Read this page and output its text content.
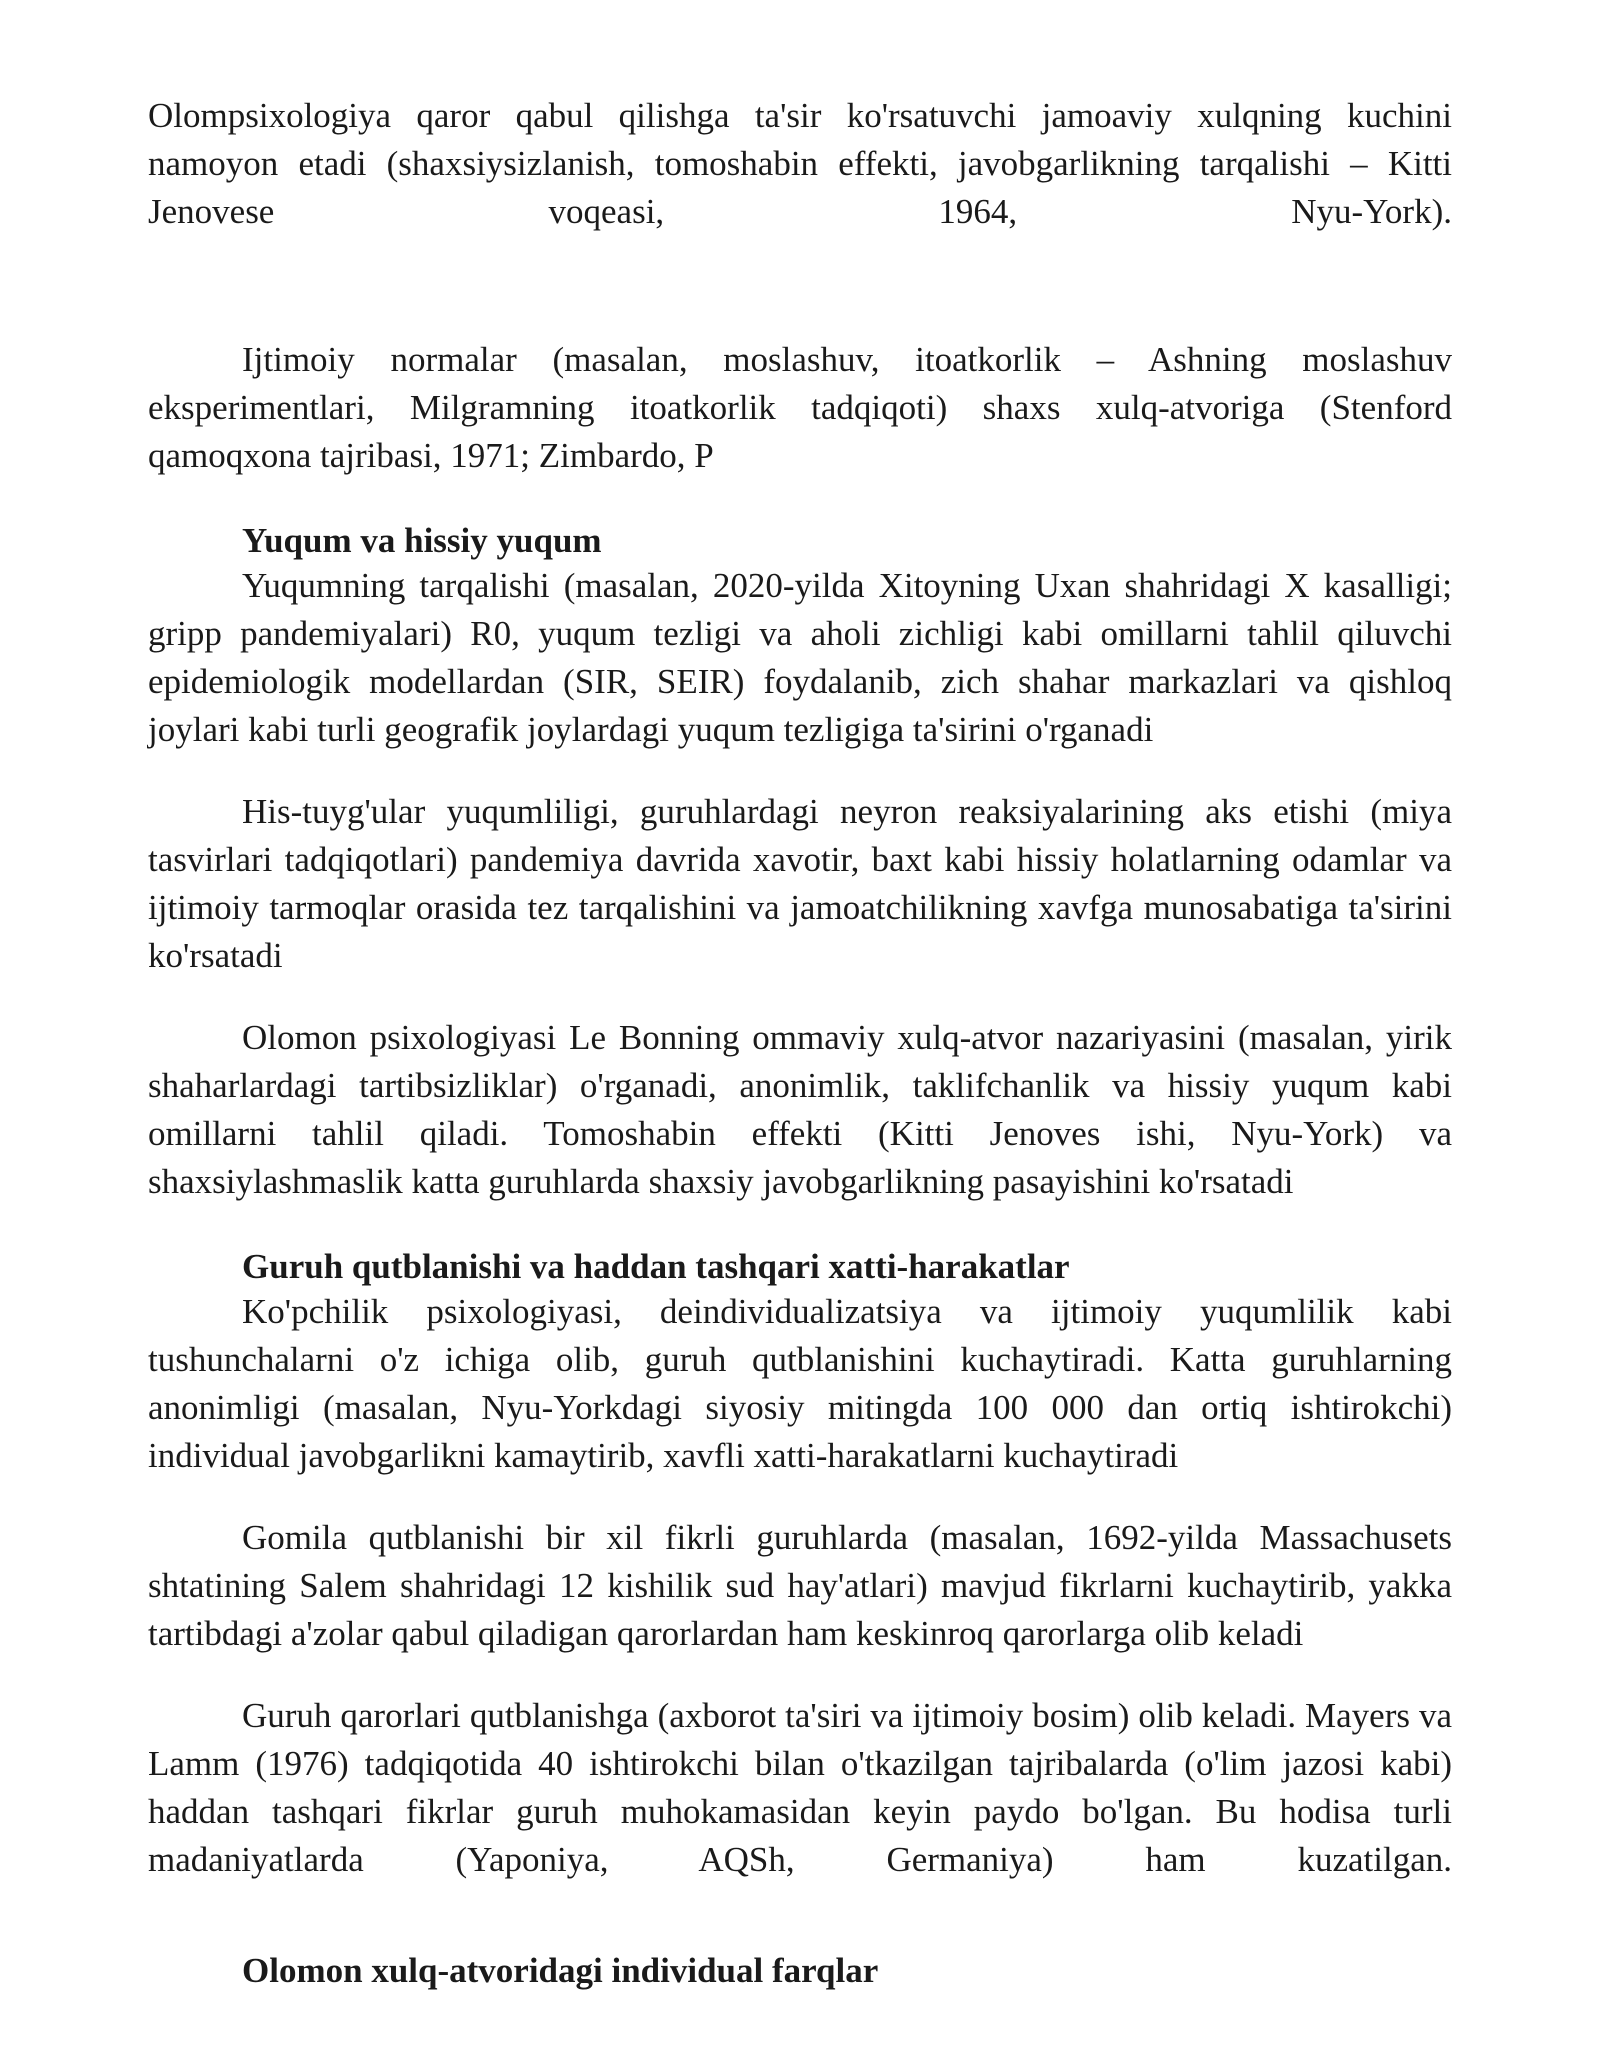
Olompsixologiya qaror qabul qilishga ta'sir ko'rsatuvchi jamoaviy xulqning kuchini namoyon etadi (shaxsiysizlanish, tomoshabin effekti, javobgarlikning tarqalishi – Kitti Jenovese voqeasi, 1964, Nyu-York).

Ijtimoiy normalar (masalan, moslashuv, itoatkorlik – Ashning moslashuv eksperimentlari, Milgramning itoatkorlik tadqiqoti) shaxs xulq-atvoriga (Stenford qamoqxona tajribasi, 1971; Zimbardo, P

Yuqum va hissiy yuqum

Yuqumning tarqalishi (masalan, 2020-yilda Xitoyning Uxan shahridagi X kasalligi; gripp pandemiyalari) R0, yuqum tezligi va aholi zichligi kabi omillarni tahlil qiluvchi epidemiologik modellardan (SIR, SEIR) foydalanib, zich shahar markazlari va qishloq joylari kabi turli geografik joylardagi yuqum tezligiga ta'sirini o'rganadi

His-tuyg'ular yuqumliligi, guruhlardagi neyron reaksiyalarining aks etishi (miya tasvirlari tadqiqotlari) pandemiya davrida xavotir, baxt kabi hissiy holatlarning odamlar va ijtimoiy tarmoqlar orasida tez tarqalishini va jamoatchilikning xavfga munosabatiga ta'sirini ko'rsatadi

Olomon psixologiyasi Le Bonning ommaviy xulq-atvor nazariyasini (masalan, yirik shaharlardagi tartibsizliklar) o'rganadi, anonimlik, taklifchanlik va hissiy yuqum kabi omillarni tahlil qiladi. Tomoshabin effekti (Kitti Jenoves ishi, Nyu-York) va shaxsiylashmaslik katta guruhlarda shaxsiy javobgarlikning pasayishini ko'rsatadi

Guruh qutblanishi va haddan tashqari xatti-harakatlar

Ko'pchilik psixologiyasi, deindividualizatsiya va ijtimoiy yuqumlilik kabi tushunchalarni o'z ichiga olib, guruh qutblanishini kuchaytiradi. Katta guruhlarning anonimligi (masalan, Nyu-Yorkdagi siyosiy mitingda 100 000 dan ortiq ishtirokchi) individual javobgarlikni kamaytirib, xavfli xatti-harakatlarni kuchaytiradi

Gomila qutblanishi bir xil fikrli guruhlarda (masalan, 1692-yilda Massachusets shtatining Salem shahridagi 12 kishilik sud hay'atlari) mavjud fikrlarni kuchaytirib, yakka tartibdagi a'zolar qabul qiladigan qarorlardan ham keskinroq qarorlarga olib keladi

Guruh qarorlari qutblanishga (axborot ta'siri va ijtimoiy bosim) olib keladi. Mayers va Lamm (1976) tadqiqotida 40 ishtirokchi bilan o'tkazilgan tajribalarda (o'lim jazosi kabi) haddan tashqari fikrlar guruh muhokamasidan keyin paydo bo'lgan. Bu hodisa turli madaniyatlarda (Yaponiya, AQSh, Germaniya) ham kuzatilgan.

Olomon xulq-atvoridagi individual farqlar
